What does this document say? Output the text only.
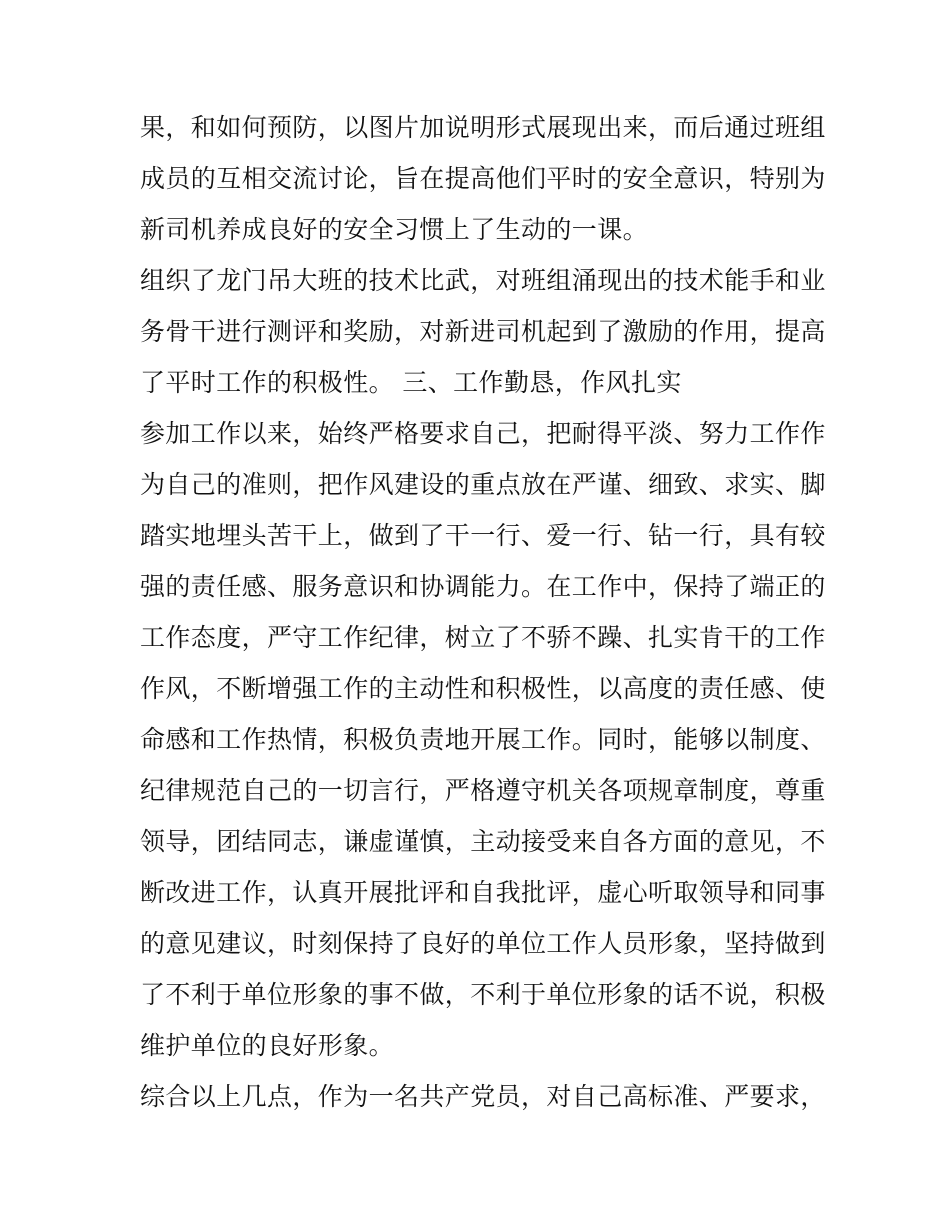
果，和如何预防，以图片加说明形式展现出来，而后通过班组
成员的互相交流讨论，旨在提高他们平时的安全意识，特别为
新司机养成良好的安全习惯上了生动的一课。
组织了龙门吊大班的技术比武，对班组涌现出的技术能手和业
务骨干进行测评和奖励，对新进司机起到了激励的作用，提高
了平时工作的积极性。 三、工作勤恳，作风扎实
参加工作以来，始终严格要求自己，把耐得平淡、努力工作作
为自己的准则，把作风建设的重点放在严谨、细致、求实、脚
踏实地埋头苦干上，做到了干一行、爱一行、钻一行，具有较
强的责任感、服务意识和协调能力。在工作中，保持了端正的
工作态度，严守工作纪律，树立了不骄不躁、扎实肯干的工作
作风，不断增强工作的主动性和积极性，以高度的责任感、使
命感和工作热情，积极负责地开展工作。同时，能够以制度、
纪律规范自己的一切言行，严格遵守机关各项规章制度，尊重
领导，团结同志，谦虚谨慎，主动接受来自各方面的意见，不
断改进工作，认真开展批评和自我批评，虚心听取领导和同事
的意见建议，时刻保持了良好的单位工作人员形象，坚持做到
了不利于单位形象的事不做，不利于单位形象的话不说，积极
维护单位的良好形象。
综合以上几点，作为一名共产党员，对自己高标准、严要求，
